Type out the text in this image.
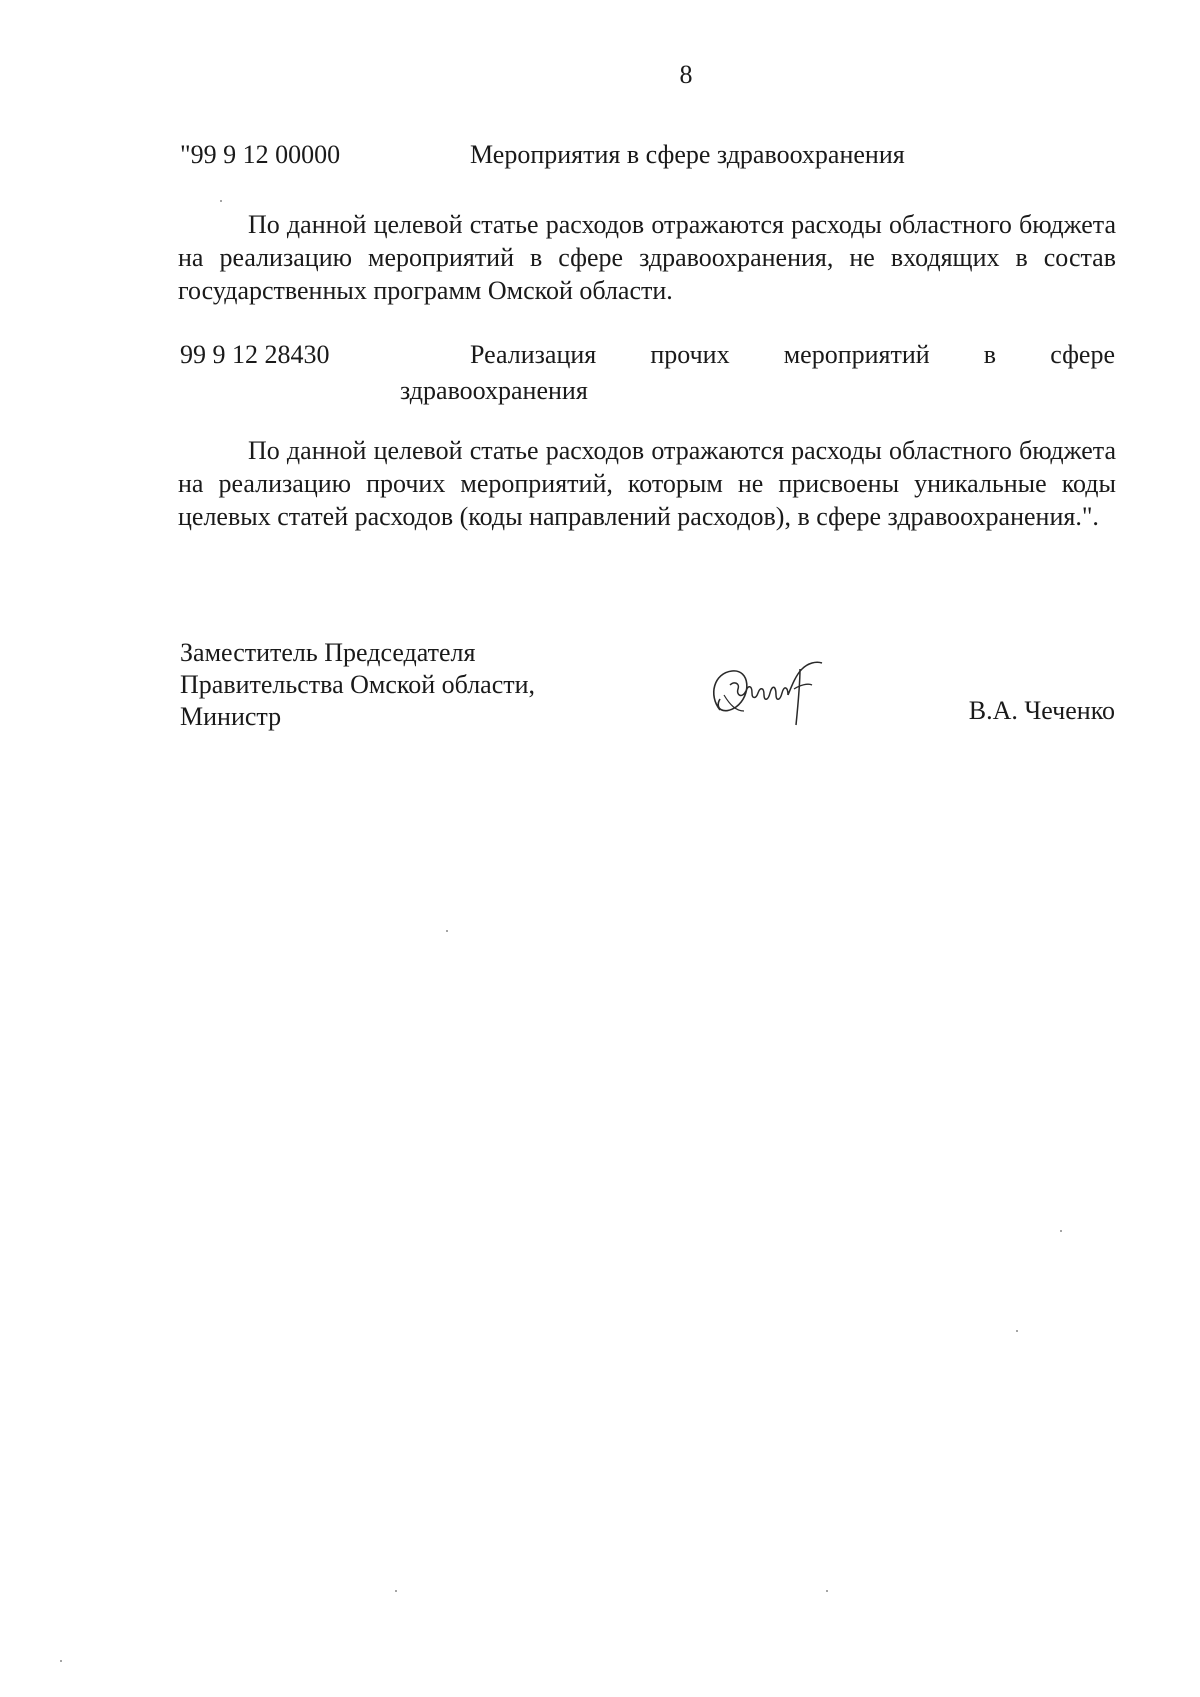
8
"99 9 12 00000	Мероприятия в сфере здравоохранения
По данной целевой статье расходов отражаются расходы областного бюджета на реализацию мероприятий в сфере здравоохранения, не входящих в состав государственных программ Омской области.
99 9 12 28430	Реализация прочих мероприятий в сфере
здравоохранения
По данной целевой статье расходов отражаются расходы областного бюджета на реализацию прочих мероприятий, которым не присвоены уникальные коды целевых статей расходов (коды направлений расходов), в сфере здравоохранения.".
Заместитель Председателя
Правительства Омской области,
Министр	В.А. Чеченко
